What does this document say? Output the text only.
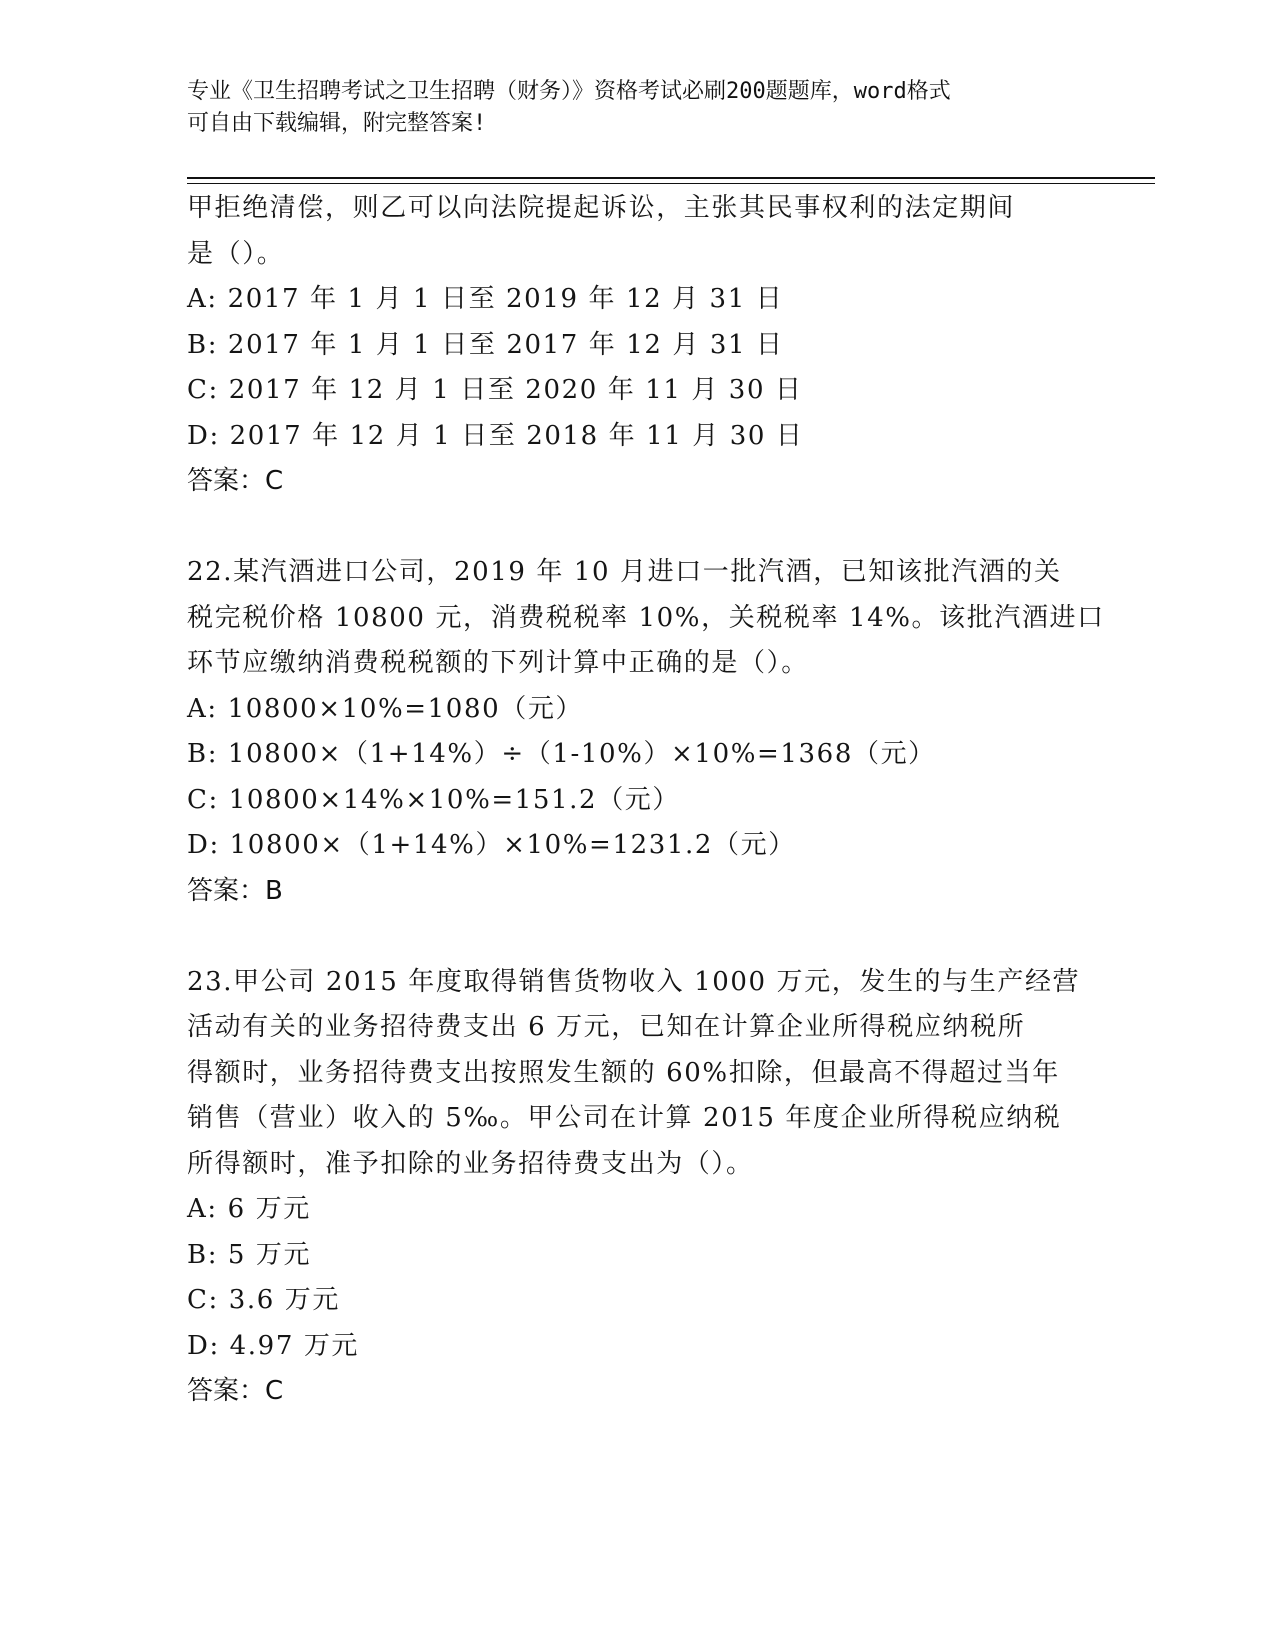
专业《卫生招聘考试之卫生招聘（财务）》资格考试必刷200题题库，word格式
可自由下载编辑，附完整答案!
甲拒绝清偿，则乙可以向法院提起诉讼，主张其民事权利的法定期间
是（）。
A: 2017 年 1 月 1 日至 2019 年 12 月 31 日
B: 2017 年 1 月 1 日至 2017 年 12 月 31 日
C: 2017 年 12 月 1 日至 2020 年 11 月 30 日
D: 2017 年 12 月 1 日至 2018 年 11 月 30 日
答案：C
22.某汽酒进口公司，2019 年 10 月进口一批汽酒，已知该批汽酒的关
税完税价格 10800 元，消费税税率 10%，关税税率 14%。该批汽酒进口
环节应缴纳消费税税额的下列计算中正确的是（）。
A: 10800×10%=1080（元）
B: 10800×（1+14%）÷（1-10%）×10%=1368（元）
C: 10800×14%×10%=151.2（元）
D: 10800×（1+14%）×10%=1231.2（元）
答案：B
23.甲公司 2015 年度取得销售货物收入 1000 万元，发生的与生产经营
活动有关的业务招待费支出 6 万元，已知在计算企业所得税应纳税所
得额时，业务招待费支出按照发生额的 60%扣除，但最高不得超过当年
销售（营业）收入的 5‰。甲公司在计算 2015 年度企业所得税应纳税
所得额时，准予扣除的业务招待费支出为（）。
A: 6 万元
B: 5 万元
C: 3.6 万元
D: 4.97 万元
答案：C
